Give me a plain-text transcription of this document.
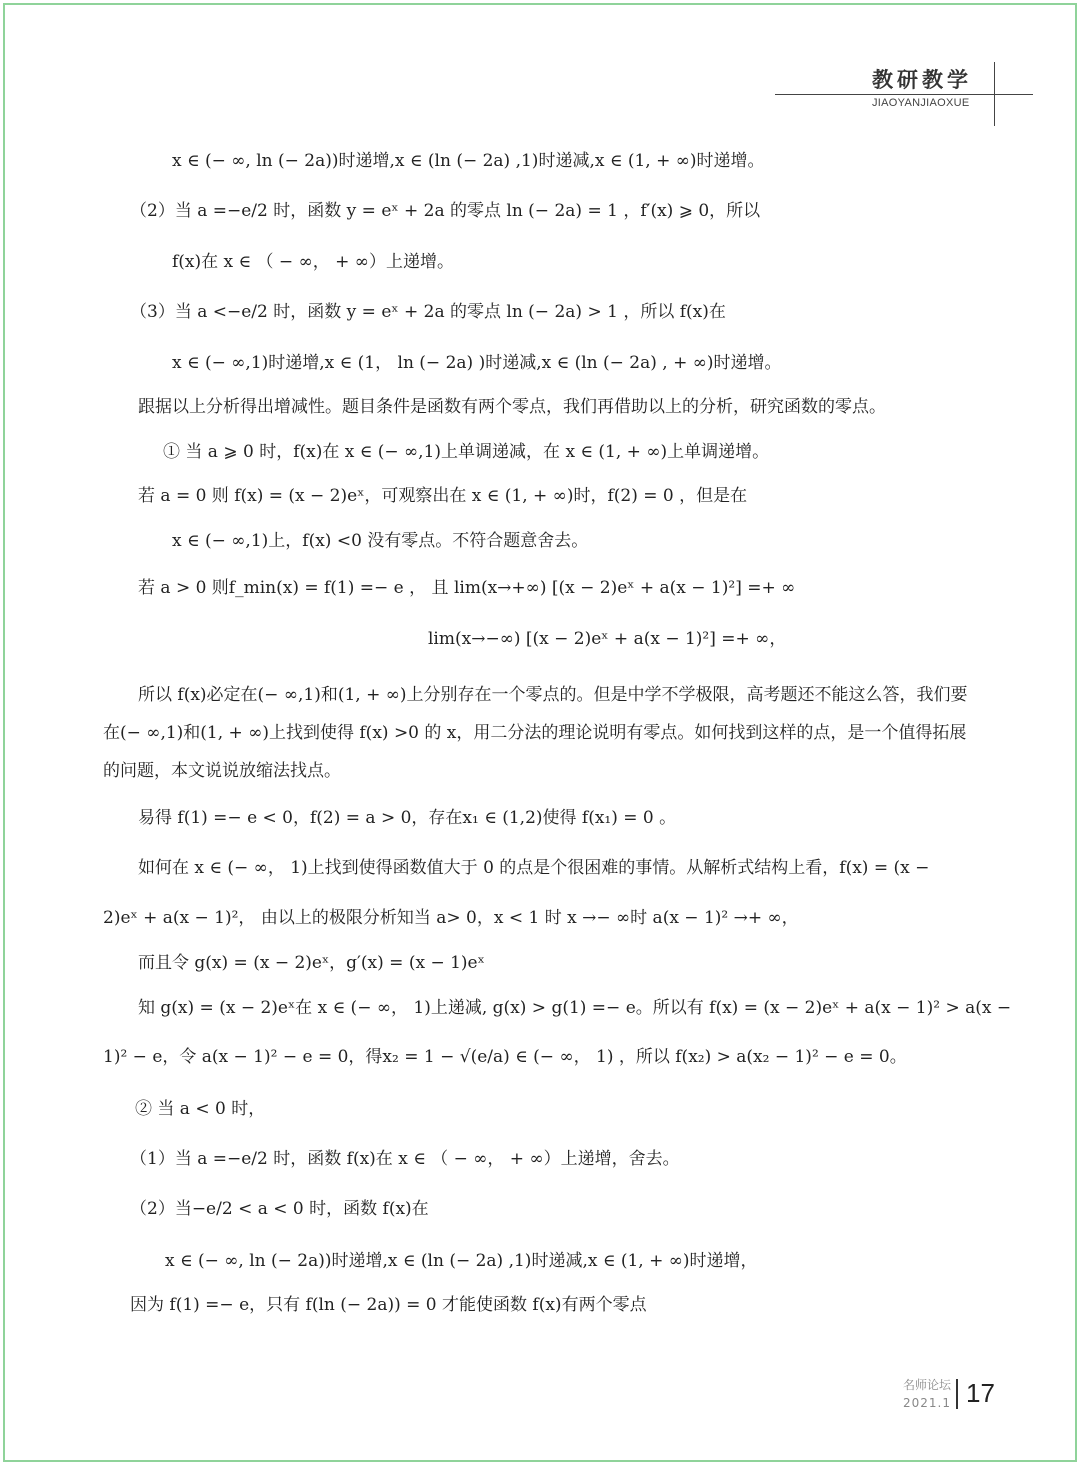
教研教学
JIAOYANJIAOXUE
x ∈ (− ∞, ln (− 2a))时递增,x ∈ (ln (− 2a) ,1)时递减,x ∈ (1, + ∞)时递增。
（2）当 a =−e/2 时，函数 y = eˣ + 2a 的零点 ln (− 2a) = 1 ，f′(x) ⩾ 0，所以
f(x)在 x ∈ （ − ∞， + ∞）上递增。
（3）当 a <−e/2 时，函数 y = eˣ + 2a 的零点 ln (− 2a) > 1 ，所以 f(x)在
x ∈ (− ∞,1)时递增,x ∈ (1， ln (− 2a) )时递减,x ∈ (ln (− 2a) , + ∞)时递增。
跟据以上分析得出增减性。题目条件是函数有两个零点，我们再借助以上的分析，研究函数的零点。
① 当 a ⩾ 0 时，f(x)在 x ∈ (− ∞,1)上单调递减，在 x ∈ (1, + ∞)上单调递增。
若 a = 0 则 f(x) = (x − 2)eˣ，可观察出在 x ∈ (1, + ∞)时，f(2) = 0 ，但是在
x ∈ (− ∞,1)上，f(x) <0 没有零点。不符合题意舍去。
若 a > 0 则f_min(x) = f(1) =− e ， 且 lim(x→+∞) [(x − 2)eˣ + a(x − 1)²] =+ ∞
lim(x→−∞) [(x − 2)eˣ + a(x − 1)²] =+ ∞，
所以 f(x)必定在(− ∞,1)和(1, + ∞)上分别存在一个零点的。但是中学不学极限，高考题还不能这么答，我们要在(− ∞,1)和(1, + ∞)上找到使得 f(x) >0 的 x，用二分法的理论说明有零点。如何找到这样的点，是一个值得拓展的问题，本文说说放缩法找点。
易得 f(1) =− e < 0，f(2) = a > 0，存在x₁ ∈ (1,2)使得 f(x₁) = 0 。
如何在 x ∈ (− ∞， 1)上找到使得函数值大于 0 的点是个很困难的事情。从解析式结构上看，f(x) = (x −
2)eˣ + a(x − 1)²， 由以上的极限分析知当 a> 0，x < 1 时 x →− ∞时 a(x − 1)² →+ ∞，
而且令 g(x) = (x − 2)eˣ，g′(x) = (x − 1)eˣ
知 g(x) = (x − 2)eˣ在 x ∈ (− ∞， 1)上递减, g(x) > g(1) =− e。所以有 f(x) = (x − 2)eˣ + a(x − 1)² > a(x −
1)² − e，令 a(x − 1)² − e = 0，得x₂ = 1 − √(e/a) ∈ (− ∞， 1) ，所以 f(x₂) > a(x₂ − 1)² − e = 0。
② 当 a < 0 时，
（1）当 a =−e/2 时，函数 f(x)在 x ∈ （ − ∞， + ∞）上递增，舍去。
（2）当−e/2 < a < 0 时，函数 f(x)在
x ∈ (− ∞, ln (− 2a))时递增,x ∈ (ln (− 2a) ,1)时递减,x ∈ (1, + ∞)时递增，
因为 f(1) =− e，只有 f(ln (− 2a)) = 0 才能使函数 f(x)有两个零点
名师论坛
2021.1 17
